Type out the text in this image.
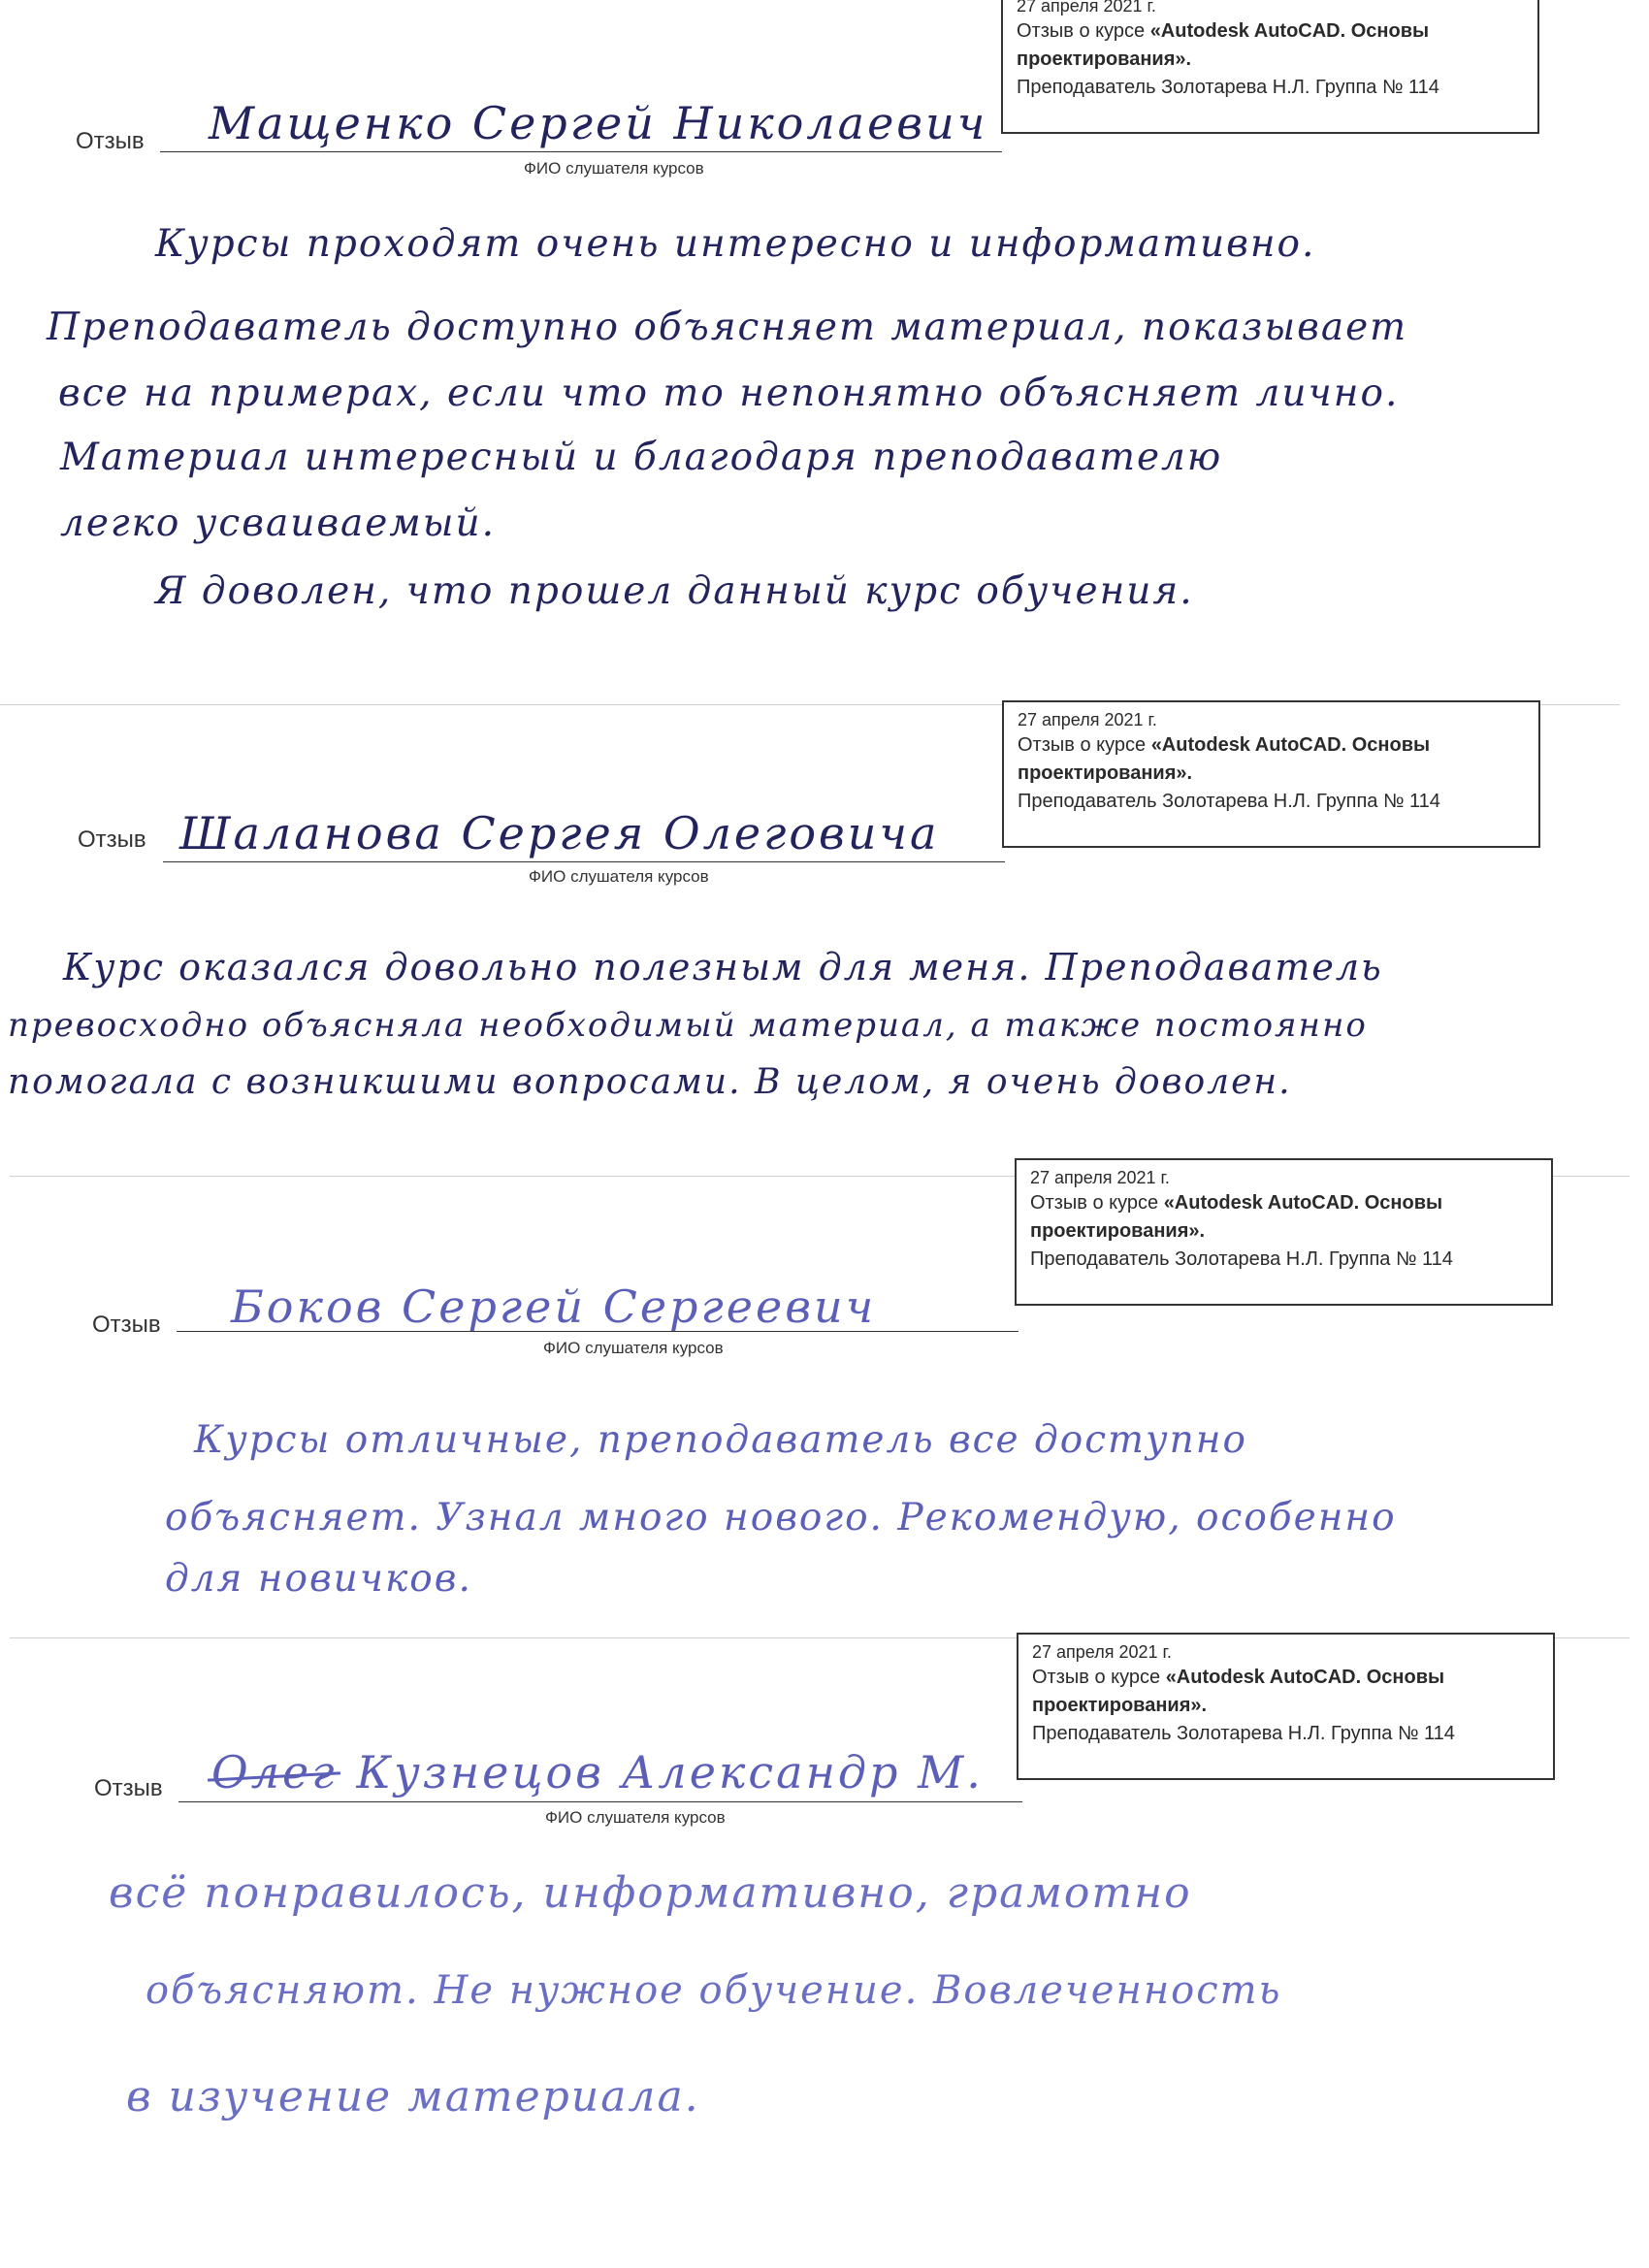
27 апреля 2021 г.
Отзыв о курсе «Autodesk AutoCAD. Основы
проектирования».
Преподаватель Золотарева Н.Л. Группа № 114
Отзыв Мащенко Сергей Николаевич
ФИО слушателя курсов
Курсы проходят очень интересно и информативно.
Преподаватель доступно объясняет материал, показывает
все на примерах, если что то непонятно объясняет лично.
Материал интересный и благодаря преподавателю
легко усваиваемый.
Я доволен, что прошел данный курс обучения.
27 апреля 2021 г.
Отзыв о курсе «Autodesk AutoCAD. Основы
проектирования».
Преподаватель Золотарева Н.Л. Группа № 114
Отзыв Шаланова Сергея Олеговича
ФИО слушателя курсов
Курс оказался довольно полезным для меня. Преподаватель
превосходно объясняла необходимый материал, а также постоянно
помогала с возникшими вопросами. В целом, я очень доволен.
27 апреля 2021 г.
Отзыв о курсе «Autodesk AutoCAD. Основы
проектирования».
Преподаватель Золотарева Н.Л. Группа № 114
Отзыв Боков Сергей Сергеевич
ФИО слушателя курсов
Курсы отличные, преподаватель все доступно
объясняет. Узнал много нового. Рекомендую, особенно
для новичков.
27 апреля 2021 г.
Отзыв о курсе «Autodesk AutoCAD. Основы
проектирования».
Преподаватель Золотарева Н.Л. Группа № 114
Отзыв Олег Кузнецов Александр М.
ФИО слушателя курсов
всё понравилось, информативно, грамотно
объясняют. Не нужное обучение. Вовлеченность
в изучение материала.
